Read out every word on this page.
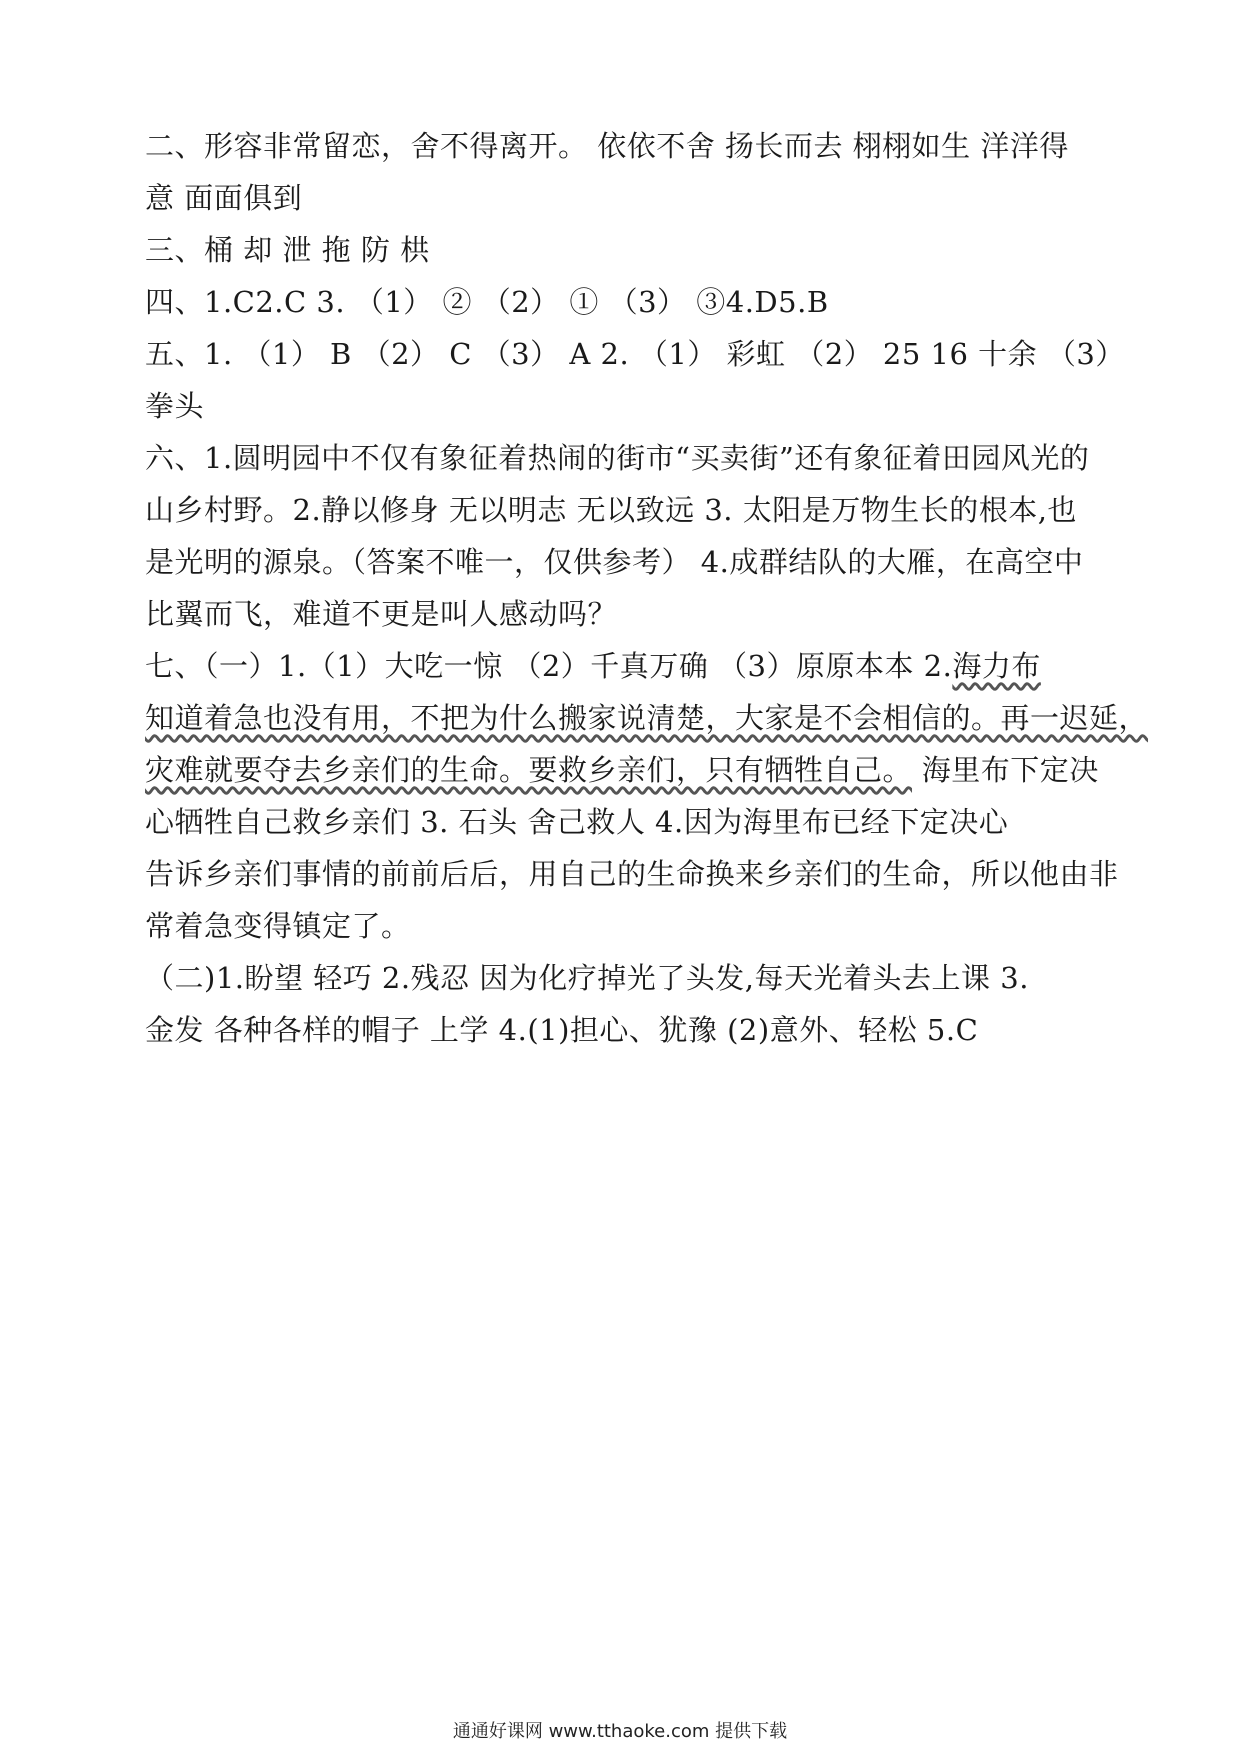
二、形容非常留恋，舍不得离开。 依依不舍 扬长而去 栩栩如生 洋洋得
意 面面俱到
三、桶 却 泄 拖 防 栱
四、1.C2.C 3. （1） ② （2） ① （3） ③4.D5.B
五、1. （1） B （2） C （3） A 2. （1） 彩虹 （2） 25 16 十余 （3）
拳头
六、1.圆明园中不仅有象征着热闹的街市“买卖街”还有象征着田园风光的
山乡村野。2.静以修身 无以明志 无以致远 3. 太阳是万物生长的根本,也
是光明的源泉。（答案不唯一，仅供参考） 4.成群结队的大雁，在高空中
比翼而飞，难道不更是叫人感动吗？
七、（一）1.（1）大吃一惊 （2）千真万确 （3）原原本本 2.海力布
知道着急也没有用，不把为什么搬家说清楚，大家是不会相信的。再一迟延，
灾难就要夺去乡亲们的生命。要救乡亲们，只有牺牲自己。 海里布下定决
心牺牲自己救乡亲们 3. 石头 舍己救人 4.因为海里布已经下定决心
告诉乡亲们事情的前前后后，用自己的生命换来乡亲们的生命，所以他由非
常着急变得镇定了。
（二)1.盼望 轻巧 2.残忍 因为化疗掉光了头发,每天光着头去上课 3.
金发 各种各样的帽子 上学 4.(1)担心、犹豫 (2)意外、轻松 5.C
通通好课网 www.tthaoke.com 提供下载
